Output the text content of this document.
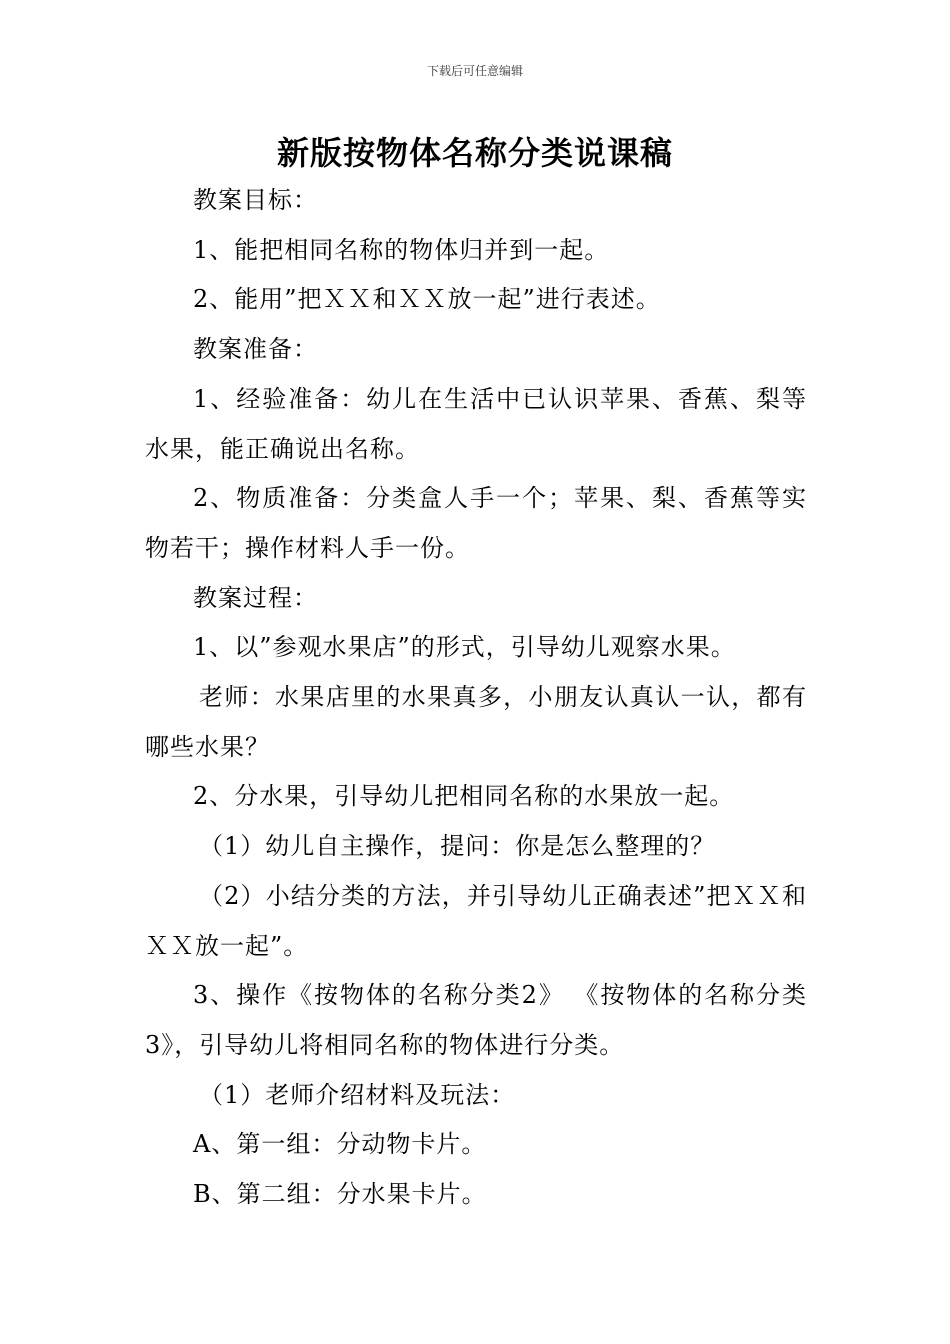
下载后可任意编辑
新版按物体名称分类说课稿

教案目标：

1、能把相同名称的物体归并到一起。

2、能用”把ＸＸ和ＸＸ放一起”进行表述。

教案准备：

1、经验准备：幼儿在生活中已认识苹果、香蕉、梨等水果，能正确说出名称。

2、物质准备：分类盒人手一个；苹果、梨、香蕉等实物若干；操作材料人手一份。

教案过程：

1、以”参观水果店”的形式，引导幼儿观察水果。

老师：水果店里的水果真多，小朋友认真认一认，都有哪些水果？

2、分水果，引导幼儿把相同名称的水果放一起。

（1）幼儿自主操作，提问：你是怎么整理的？

（2）小结分类的方法，并引导幼儿正确表述”把ＸＸ和ＸＸ放一起”。

3、操作《按物体的名称分类2》 《按物体的名称分类3》，引导幼儿将相同名称的物体进行分类。

（1）老师介绍材料及玩法：

A、第一组：分动物卡片。

B、第二组：分水果卡片。
